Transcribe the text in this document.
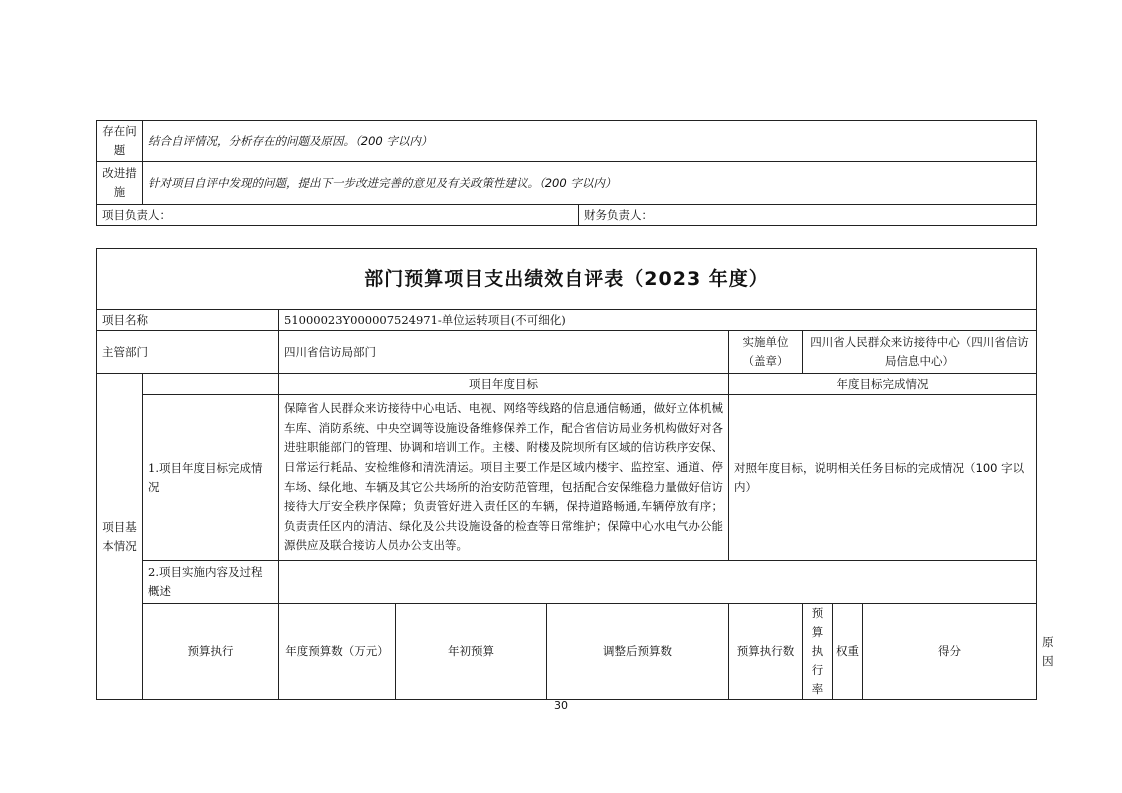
存在问题	结合自评情况，分析存在的问题及原因。（200 字以内）	
改进措施	针对项目自评中发现的问题，提出下一步改进完善的意见及有关政策性建议。（200 字以内）	
项目负责人：		财务负责人：
部门预算项目支出绩效自评表（2023 年度）									
项目名称		51000023Y000007524971-单位运转项目(不可细化)							
主管部门		四川省信访局部门			实施单位（盖章）	四川省人民群众来访接待中心（四川省信访局信息中心）			
项目基本情况		项目年度目标			年度目标完成情况				
	1.项目年度目标完成情况	保障省人民群众来访接待中心电话、电视、网络等线路的信息通信畅通，做好立体机械车库、消防系统、中央空调等设施设备维修保养工作，配合省信访局业务机构做好对各进驻职能部门的管理、协调和培训工作。主楼、附楼及院坝所有区域的信访秩序安保、日常运行耗品、安检维修和清洗清运。项目主要工作是区域内楼宇、监控室、通道、停车场、绿化地、车辆及其它公共场所的治安防范管理，包括配合安保维稳力量做好信访接待大厅安全秩序保障；负责管好进入责任区的车辆，保持道路畅通,车辆停放有序；负责责任区内的清洁、绿化及公共设施设备的检查等日常维护；保障中心水电气办公能源供应及联合接访人员办公支出等。			对照年度目标，说明相关任务目标的完成情况（100 字以内）				
	2.项目实施内容及过程概述								
	预算执行	年度预算数（万元）	年初预算	调整后预算数	预算执行数	预算执行率	权重	得分	原因
30
